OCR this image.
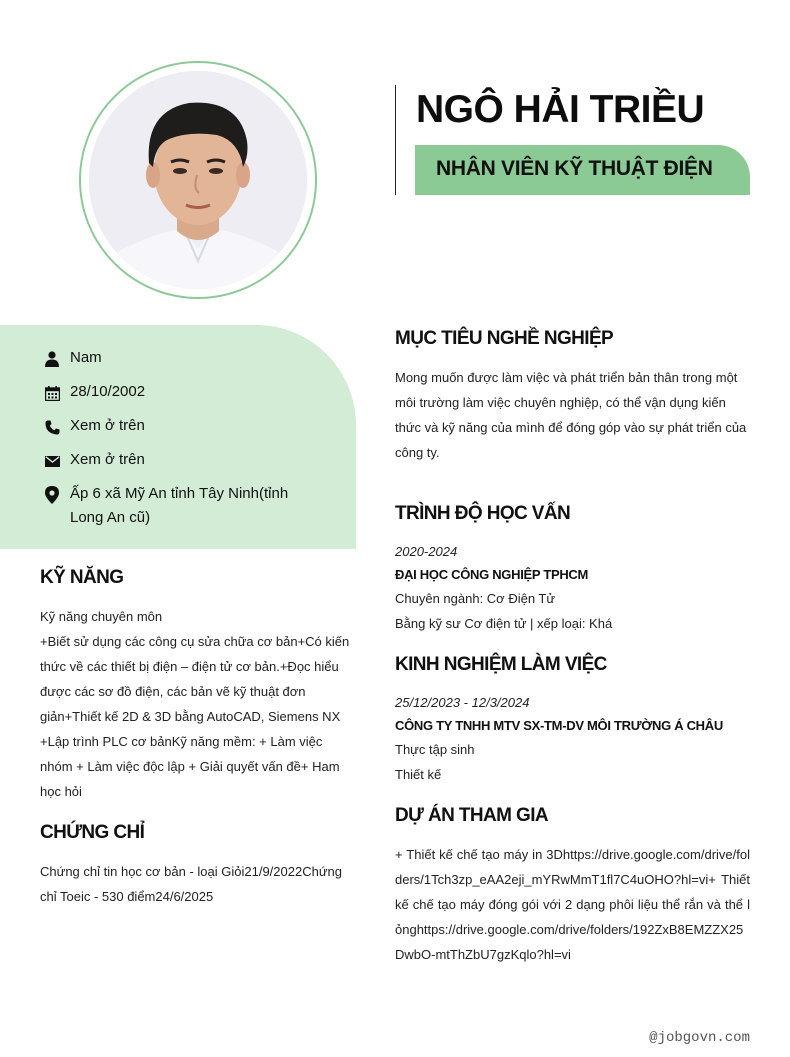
NGÔ HẢI TRIỀU
NHÂN VIÊN KỸ THUẬT ĐIỆN
Nam
28/10/2002
Xem ở trên
Xem ở trên
Ấp 6 xã Mỹ An tỉnh Tây Ninh(tỉnh Long An cũ)
KỸ NĂNG
Kỹ năng chuyên môn
+Biết sử dụng các công cụ sửa chữa cơ bản+Có kiến thức về các thiết bị điện – điện tử cơ bản.+Đọc hiểu được các sơ đồ điện, các bản vẽ kỹ thuật đơn giản+Thiết kế 2D & 3D bằng AutoCAD, Siemens NX +Lập trình PLC cơ bảnKỹ năng mềm: + Làm việc nhóm + Làm việc độc lập + Giải quyết vấn đề+ Ham học hỏi
CHỨNG CHỈ
Chứng chỉ tin học cơ bản - loại Giỏi21/9/2022Chứng chỉ Toeic - 530 điểm24/6/2025
MỤC TIÊU NGHỀ NGHIỆP
Mong muốn được làm việc và phát triển bản thân trong một môi trường làm việc chuyên nghiệp, có thể vận dụng kiến thức và kỹ năng của mình để đóng góp vào sự phát triển của công ty.
TRÌNH ĐỘ HỌC VẤN
2020-2024
ĐẠI HỌC CÔNG NGHIỆP TPHCM
Chuyên ngành: Cơ Điện Tử
Bằng kỹ sư Cơ điện tử | xếp loại: Khá
KINH NGHIỆM LÀM VIỆC
25/12/2023 - 12/3/2024
CÔNG TY TNHH MTV SX-TM-DV MÔI TRƯỜNG Á CHÂU
Thực tập sinh
Thiết kế
DỰ ÁN THAM GIA
+ Thiết kế chế tạo máy in 3Dhttps://drive.google.com/drive/folders/1Tch3zp_eAA2eji_mYRwMmT1fl7C4uOHO?hl=vi+ Thiết kế chế tạo máy đóng gói với 2 dạng phôi liệu thể rắn và thể lỏnghttps://drive.google.com/drive/folders/192ZxB8EMZZX25DwbO-mtThZbU7gzKqlo?hl=vi
@jobgovn.com
